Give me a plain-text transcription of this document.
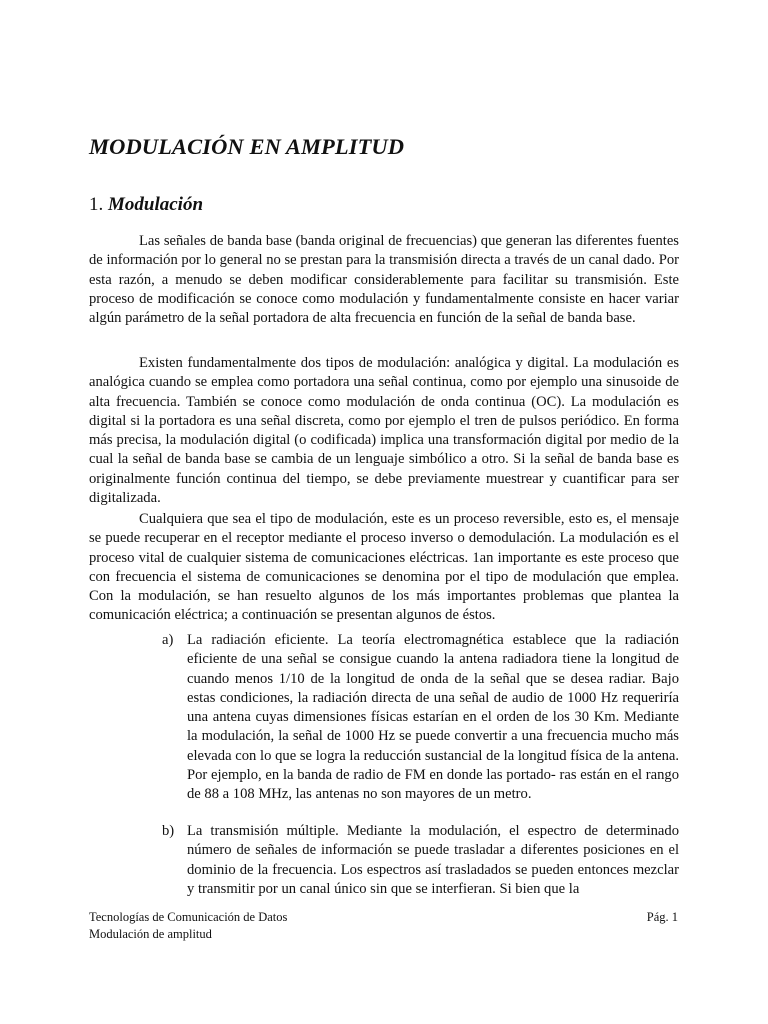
MODULACIÓN EN AMPLITUD
1. Modulación

Las señales de banda base (banda original de frecuencias) que generan las diferentes fuentes de información por lo general no se prestan para la transmisión directa a través de un canal dado. Por esta razón, a menudo se deben modificar considerablemente para facilitar su transmisión. Este proceso de modificación se conoce como modulación y fundamentalmente consiste en hacer variar algún parámetro de la señal portadora de alta frecuencia en función de la señal de banda base.

Existen fundamentalmente dos tipos de modulación: analógica y digital. La modulación es analógica cuando se emplea como portadora una señal continua, como por ejemplo una sinusoide de alta frecuencia. También se conoce como modulación de onda continua (OC). La modulación es digital si la portadora es una señal discreta, como por ejemplo el tren de pulsos periódico. En forma más precisa, la modulación digital (o codificada) implica una transformación digital por medio de la cual la señal de banda base se cambia de un lenguaje simbólico a otro. Si la señal de banda base es originalmente función continua del tiempo, se debe previamente muestrear y cuantificar para ser digitalizada.

Cualquiera que sea el tipo de modulación, este es un proceso reversible, esto es, el mensaje se puede recuperar en el receptor mediante el proceso inverso o demodulación. La modulación es el proceso vital de cualquier sistema de comunicaciones eléctricas. 1an importante es este proceso que con frecuencia el sistema de comunicaciones se denomina por el tipo de modulación que emplea. Con la modulación, se han resuelto algunos de los más importantes problemas que plantea la comunicación eléctrica; a continuación se presentan algunos de éstos.

a) La radiación eficiente. La teoría electromagnética establece que la radiación eficiente de una señal se consigue cuando la antena radiadora tiene la longitud de cuando menos 1/10 de la longitud de onda de la señal que se desea radiar. Bajo estas condiciones, la radiación directa de una señal de audio de 1000 Hz requeriría una antena cuyas dimensiones físicas estarían en el orden de los 30 Km. Mediante la modulación, la señal de 1000 Hz se puede convertir a una frecuencia mucho más elevada con lo que se logra la reducción sustancial de la longitud física de la antena. Por ejemplo, en la banda de radio de FM en donde las portado- ras están en el rango de 88 a 108 MHz, las antenas no son mayores de un metro.
b) La transmisión múltiple. Mediante la modulación, el espectro de determinado número de señales de información se puede trasladar a diferentes posiciones en el dominio de la frecuencia. Los espectros así trasladados se pueden entonces mezclar y transmitir por un canal único sin que se interfieran. Si bien que la
Tecnologías de Comunicación de Datos
Modulación de amplitud
Pág. 1
